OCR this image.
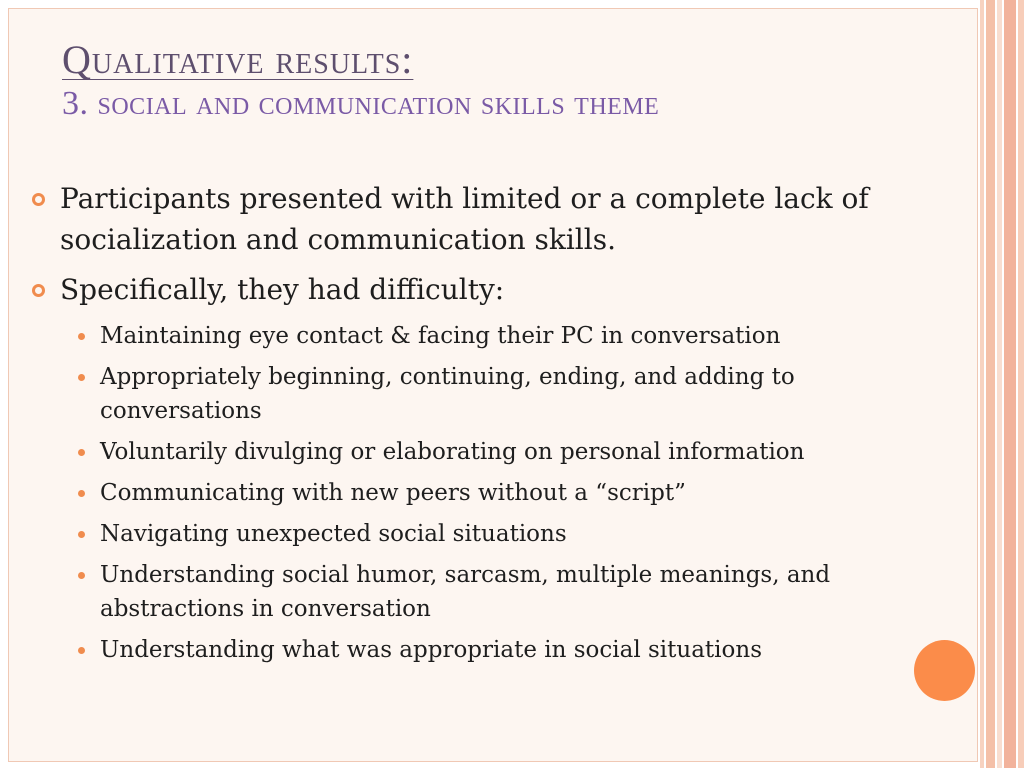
Qualitative results:
3. social and communication skills theme
Participants presented with limited or a complete lack of socialization and communication skills.
Specifically, they had difficulty:
Maintaining eye contact & facing their PC in conversation
Appropriately beginning, continuing, ending, and adding to conversations
Voluntarily divulging or elaborating on personal information
Communicating with new peers without a “script”
Navigating unexpected social situations
Understanding social humor, sarcasm, multiple meanings, and abstractions in conversation
Understanding what was appropriate in social situations
